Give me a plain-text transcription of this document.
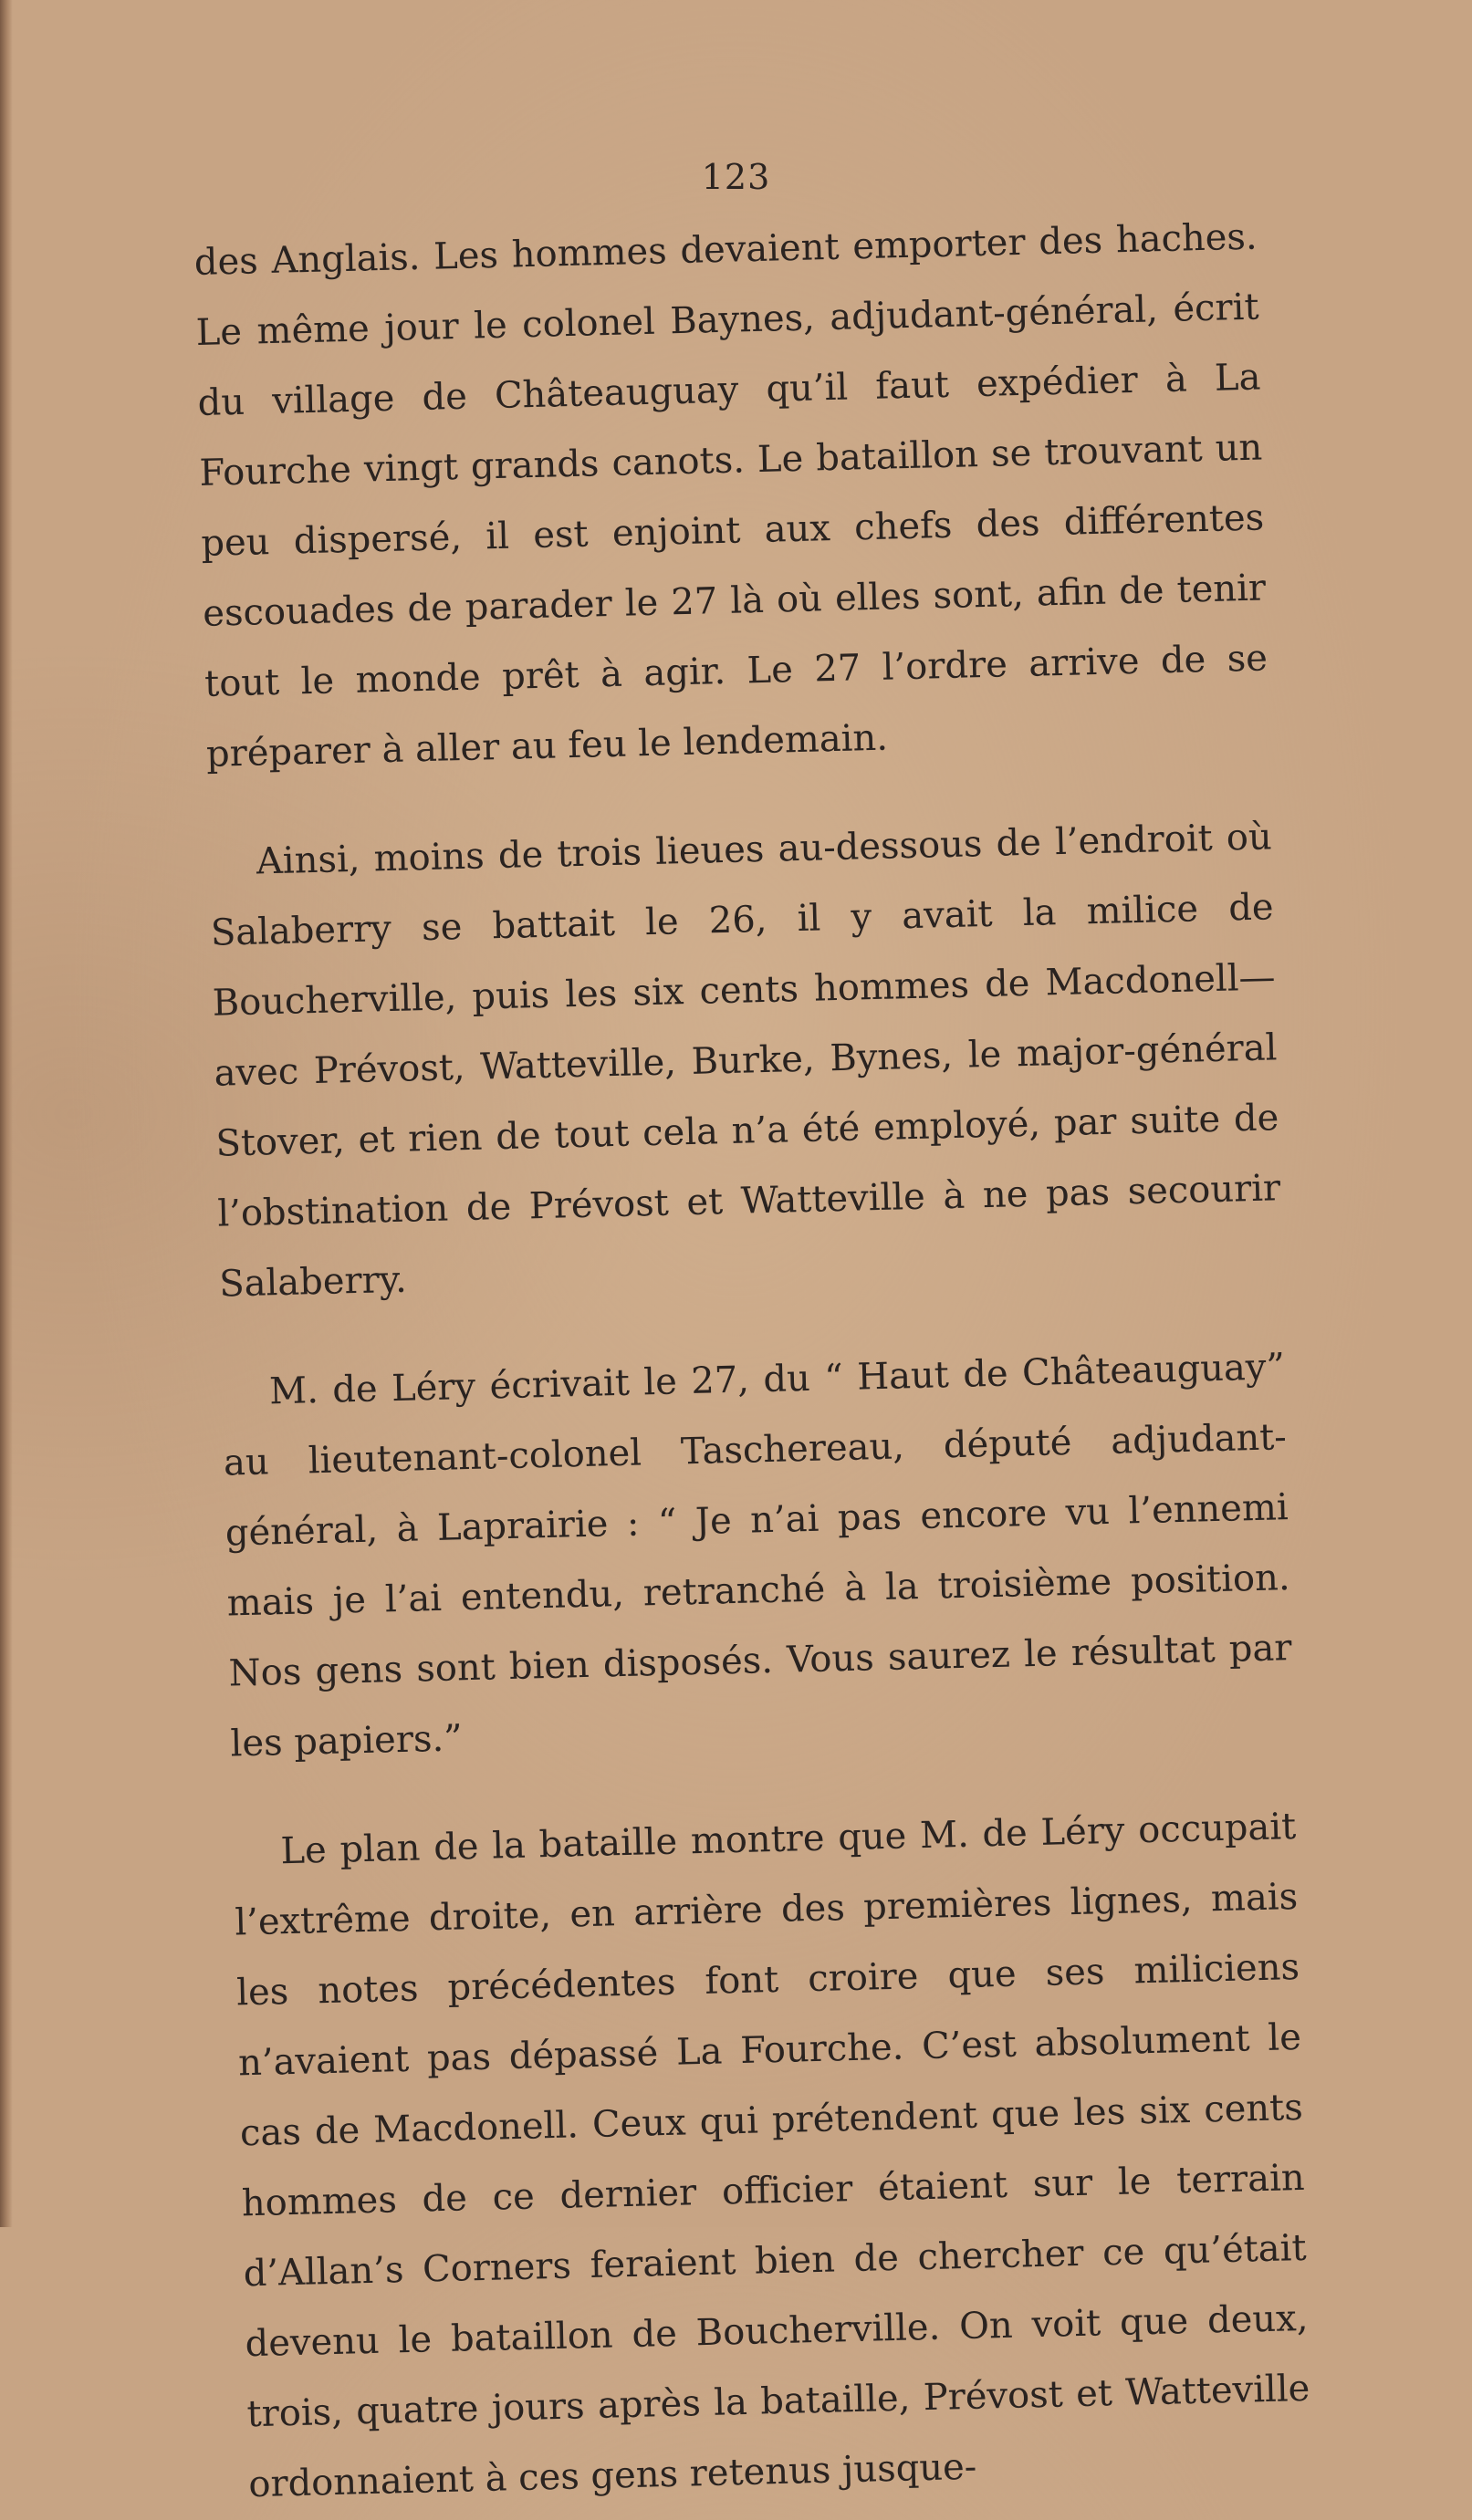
123

des Anglais. Les hommes devaient emporter des haches. Le même jour le colonel Baynes, adjudant-général, écrit du village de Châteauguay qu’il faut expédier à La Fourche vingt grands canots. Le bataillon se trouvant un peu dispersé, il est enjoint aux chefs des différentes escouades de parader le 27 là où elles sont, afin de tenir tout le monde prêt à agir. Le 27 l’ordre arrive de se préparer à aller au feu le lendemain.

Ainsi, moins de trois lieues au-dessous de l’endroit où Salaberry se battait le 26, il y avait la milice de Boucherville, puis les six cents hommes de Macdonell—avec Prévost, Watteville, Burke, Bynes, le major-général Stover, et rien de tout cela n’a été employé, par suite de l’obstination de Prévost et Watteville à ne pas secourir Salaberry.

M. de Léry écrivait le 27, du “ Haut de Châteauguay” au lieutenant-colonel Taschereau, député adjudant-général, à Laprairie : “ Je n’ai pas encore vu l’ennemi mais je l’ai entendu, retranché à la troisième position. Nos gens sont bien disposés. Vous saurez le résultat par les papiers.”

Le plan de la bataille montre que M. de Léry occupait l’extrême droite, en arrière des premières lignes, mais les notes précédentes font croire que ses miliciens n’avaient pas dépassé La Fourche. C’est absolument le cas de Macdonell. Ceux qui prétendent que les six cents hommes de ce dernier officier étaient sur le terrain d’Allan’s Corners feraient bien de chercher ce qu’était devenu le bataillon de Boucherville. On voit que deux, trois, quatre jours après la bataille, Prévost et Watteville ordonnaient à ces gens retenus jusque-
